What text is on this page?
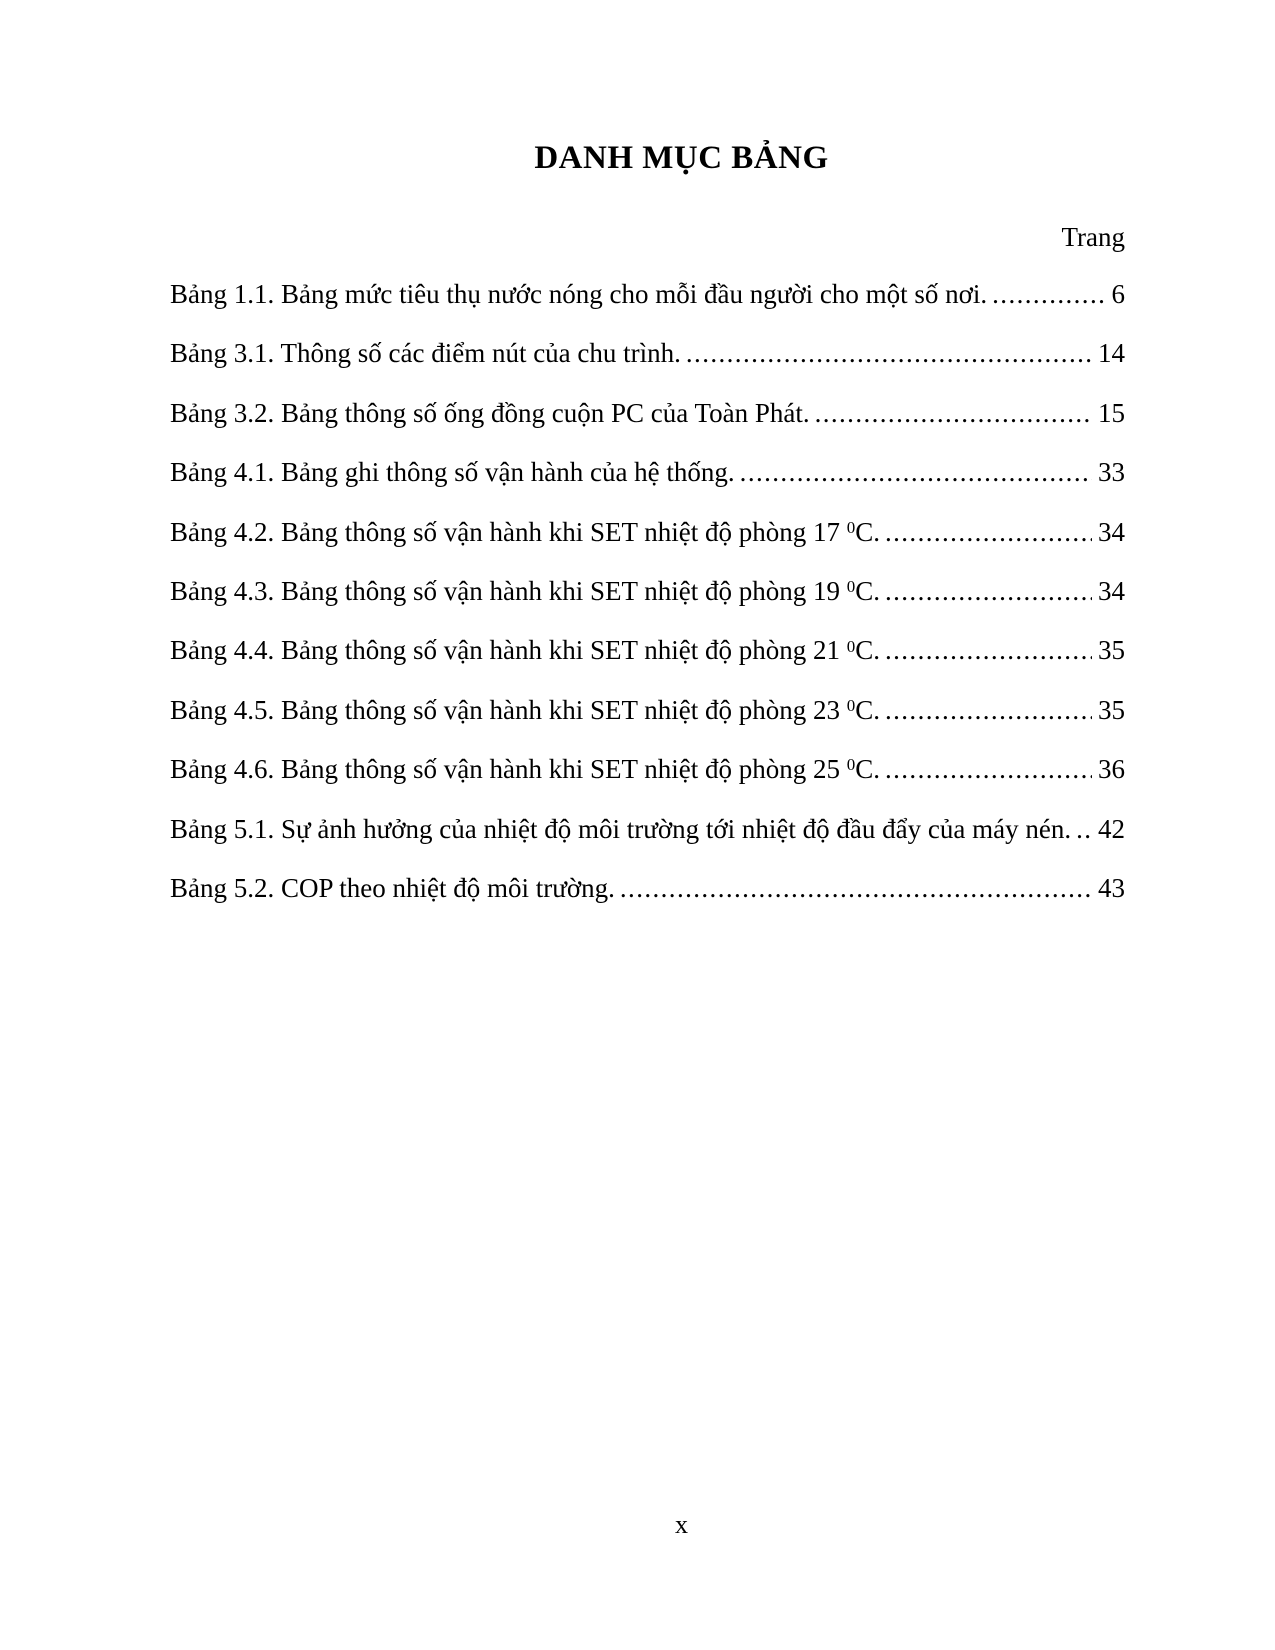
DANH MỤC BẢNG
Trang
Bảng 1.1. Bảng mức tiêu thụ nước nóng cho mỗi đầu người cho một số nơi. .....	6
Bảng 3.1. Thông số các điểm nút của chu trình. .....	14
Bảng 3.2. Bảng thông số ống đồng cuộn PC của Toàn Phát. .....	15
Bảng 4.1. Bảng ghi thông số vận hành của hệ thống. .....	33
Bảng 4.2. Bảng thông số vận hành khi SET nhiệt độ phòng 17 $^0$C. .....	34
Bảng 4.3. Bảng thông số vận hành khi SET nhiệt độ phòng 19 $^0$C. .....	34
Bảng 4.4. Bảng thông số vận hành khi SET nhiệt độ phòng 21 $^0$C. .....	35
Bảng 4.5. Bảng thông số vận hành khi SET nhiệt độ phòng 23 $^0$C. .....	35
Bảng 4.6. Bảng thông số vận hành khi SET nhiệt độ phòng 25 $^0$C. .....	36
Bảng 5.1. Sự ảnh hưởng của nhiệt độ môi trường tới nhiệt độ đầu đẩy của máy nén. ..... 42
Bảng 5.2. COP theo nhiệt độ môi trường. .....	43
x
